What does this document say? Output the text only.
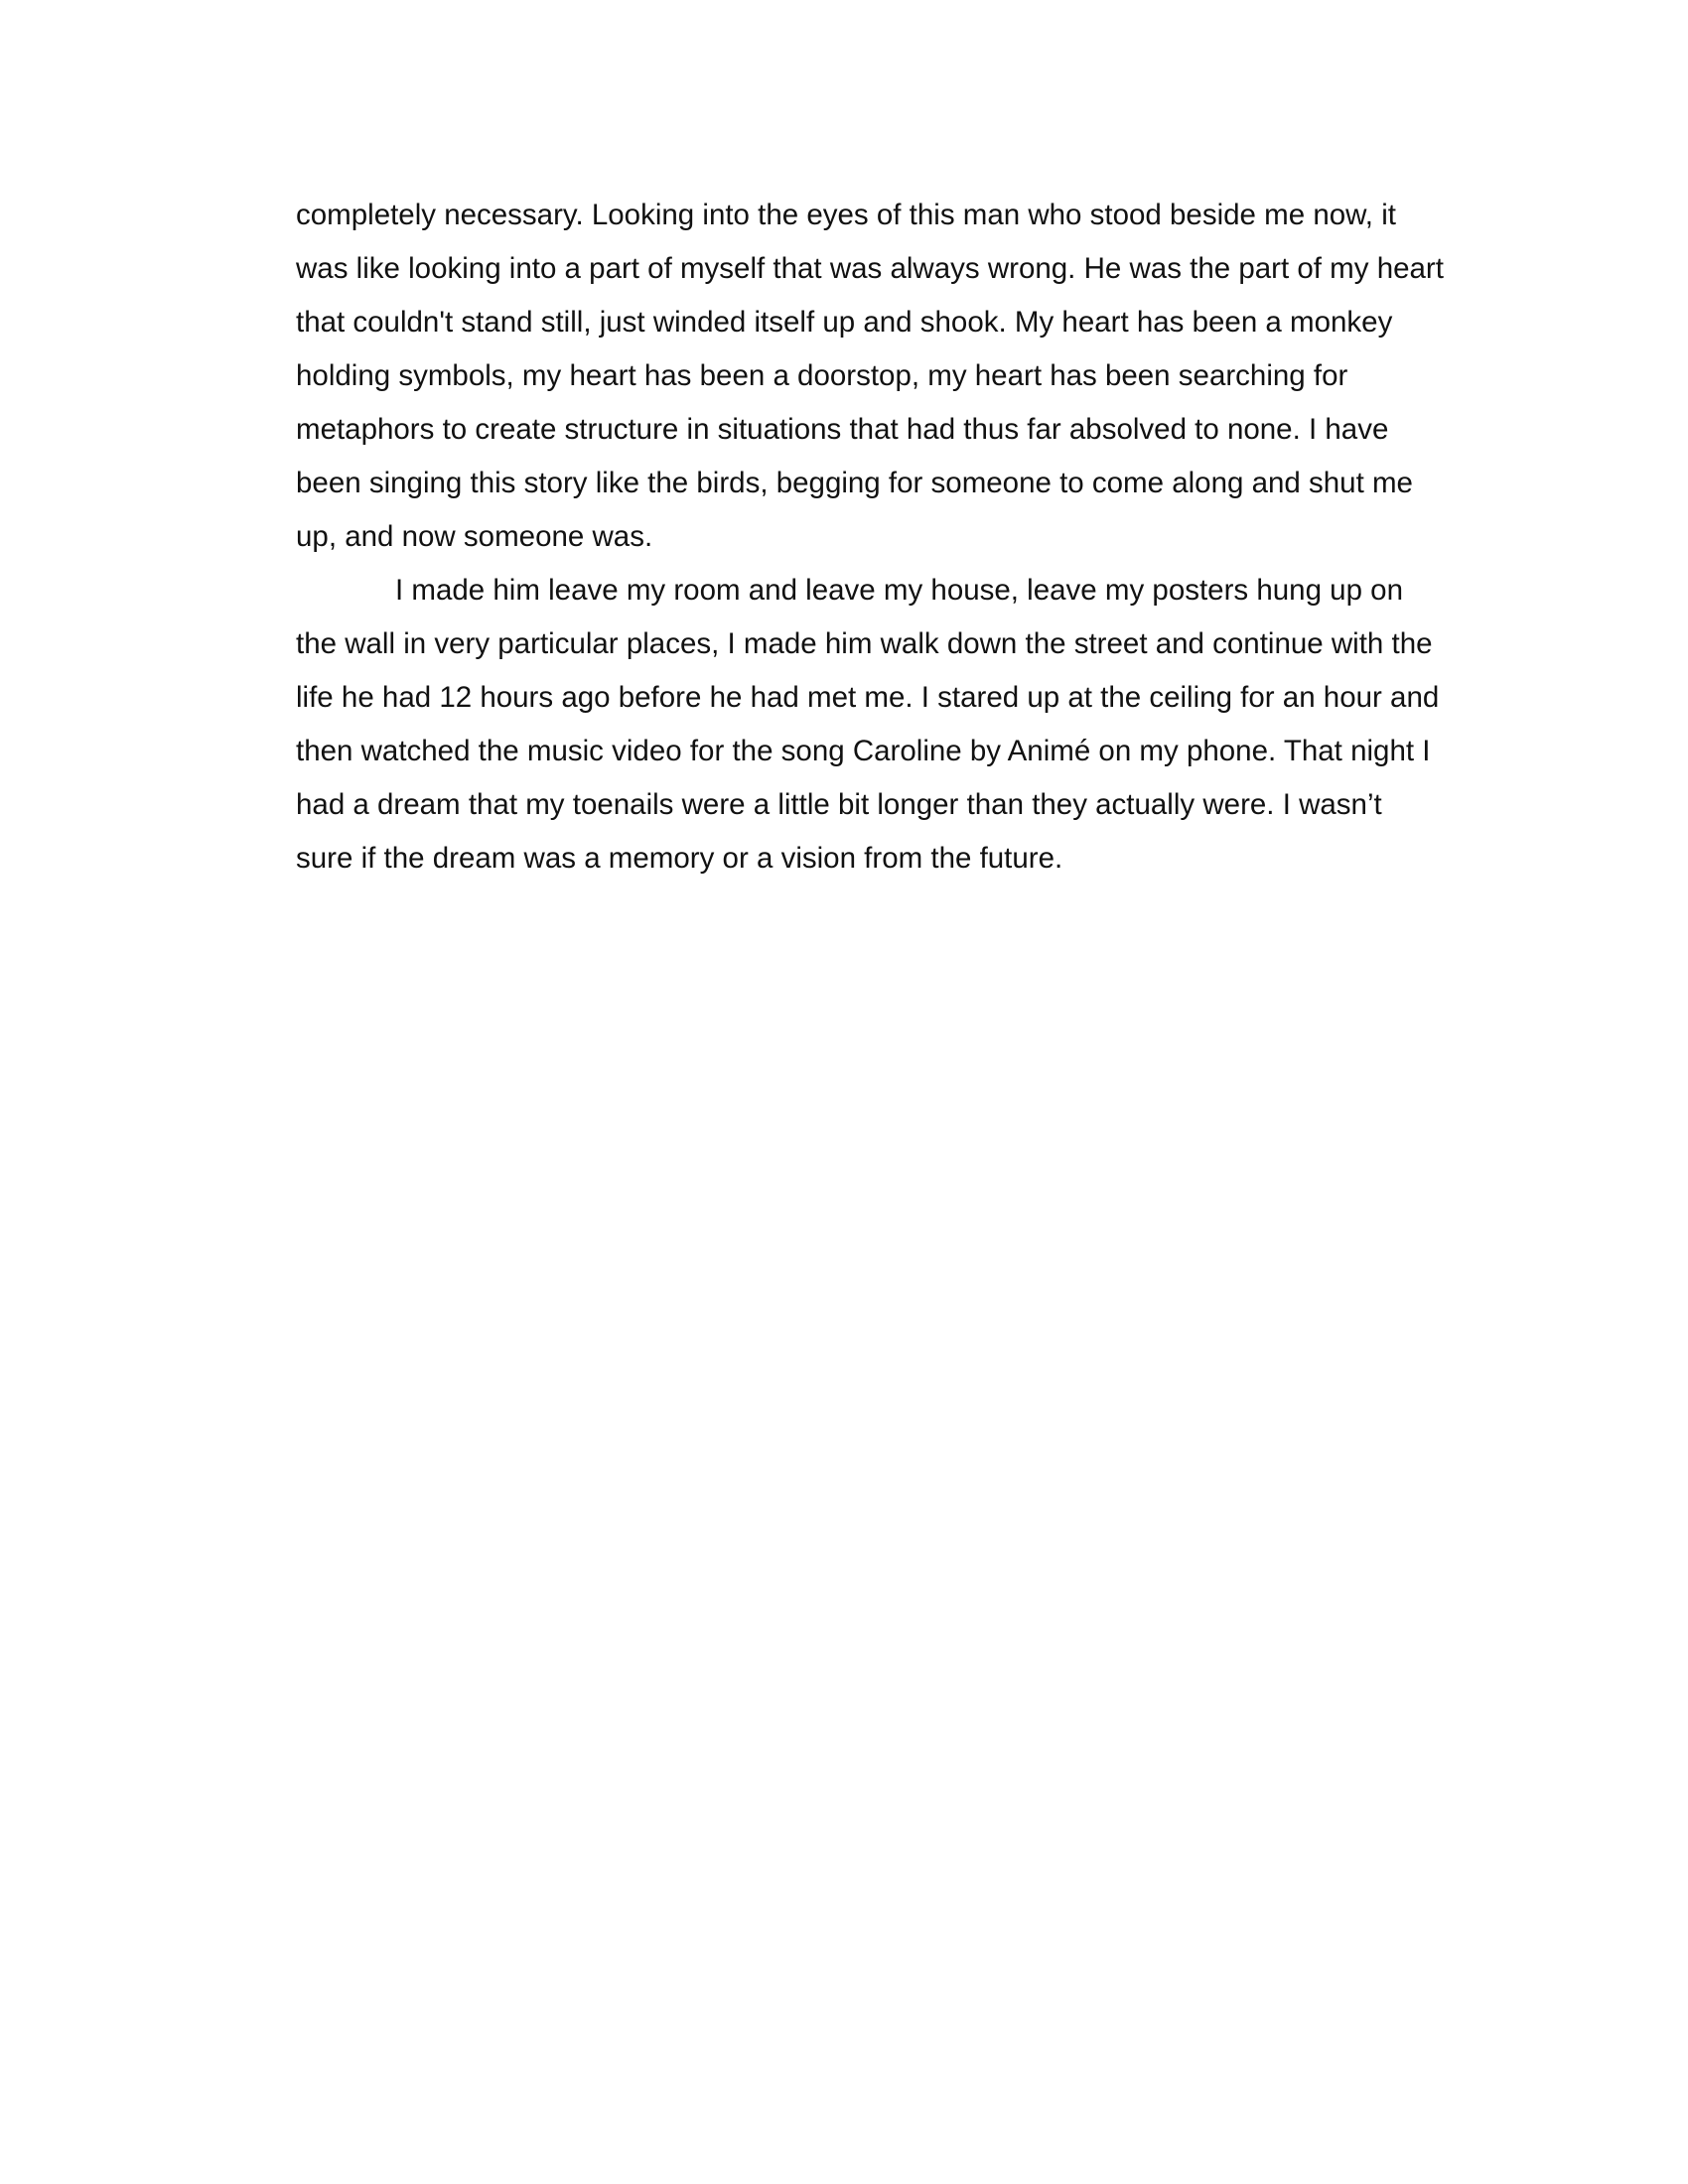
completely necessary. Looking into the eyes of this man who stood beside me now, it
was like looking into a part of myself that was always wrong. He was the part of my heart
that couldn't stand still, just winded itself up and shook. My heart has been a monkey
holding symbols, my heart has been a doorstop, my heart has been searching for
metaphors to create structure in situations that had thus far absolved to none. I have
been singing this story like the birds, begging for someone to come along and shut me
up, and now someone was.
I made him leave my room and leave my house, leave my posters hung up on
the wall in very particular places, I made him walk down the street and continue with the
life he had 12 hours ago before he had met me. I stared up at the ceiling for an hour and
then watched the music video for the song Caroline by Animé on my phone. That night I
had a dream that my toenails were a little bit longer than they actually were. I wasn’t
sure if the dream was a memory or a vision from the future.
